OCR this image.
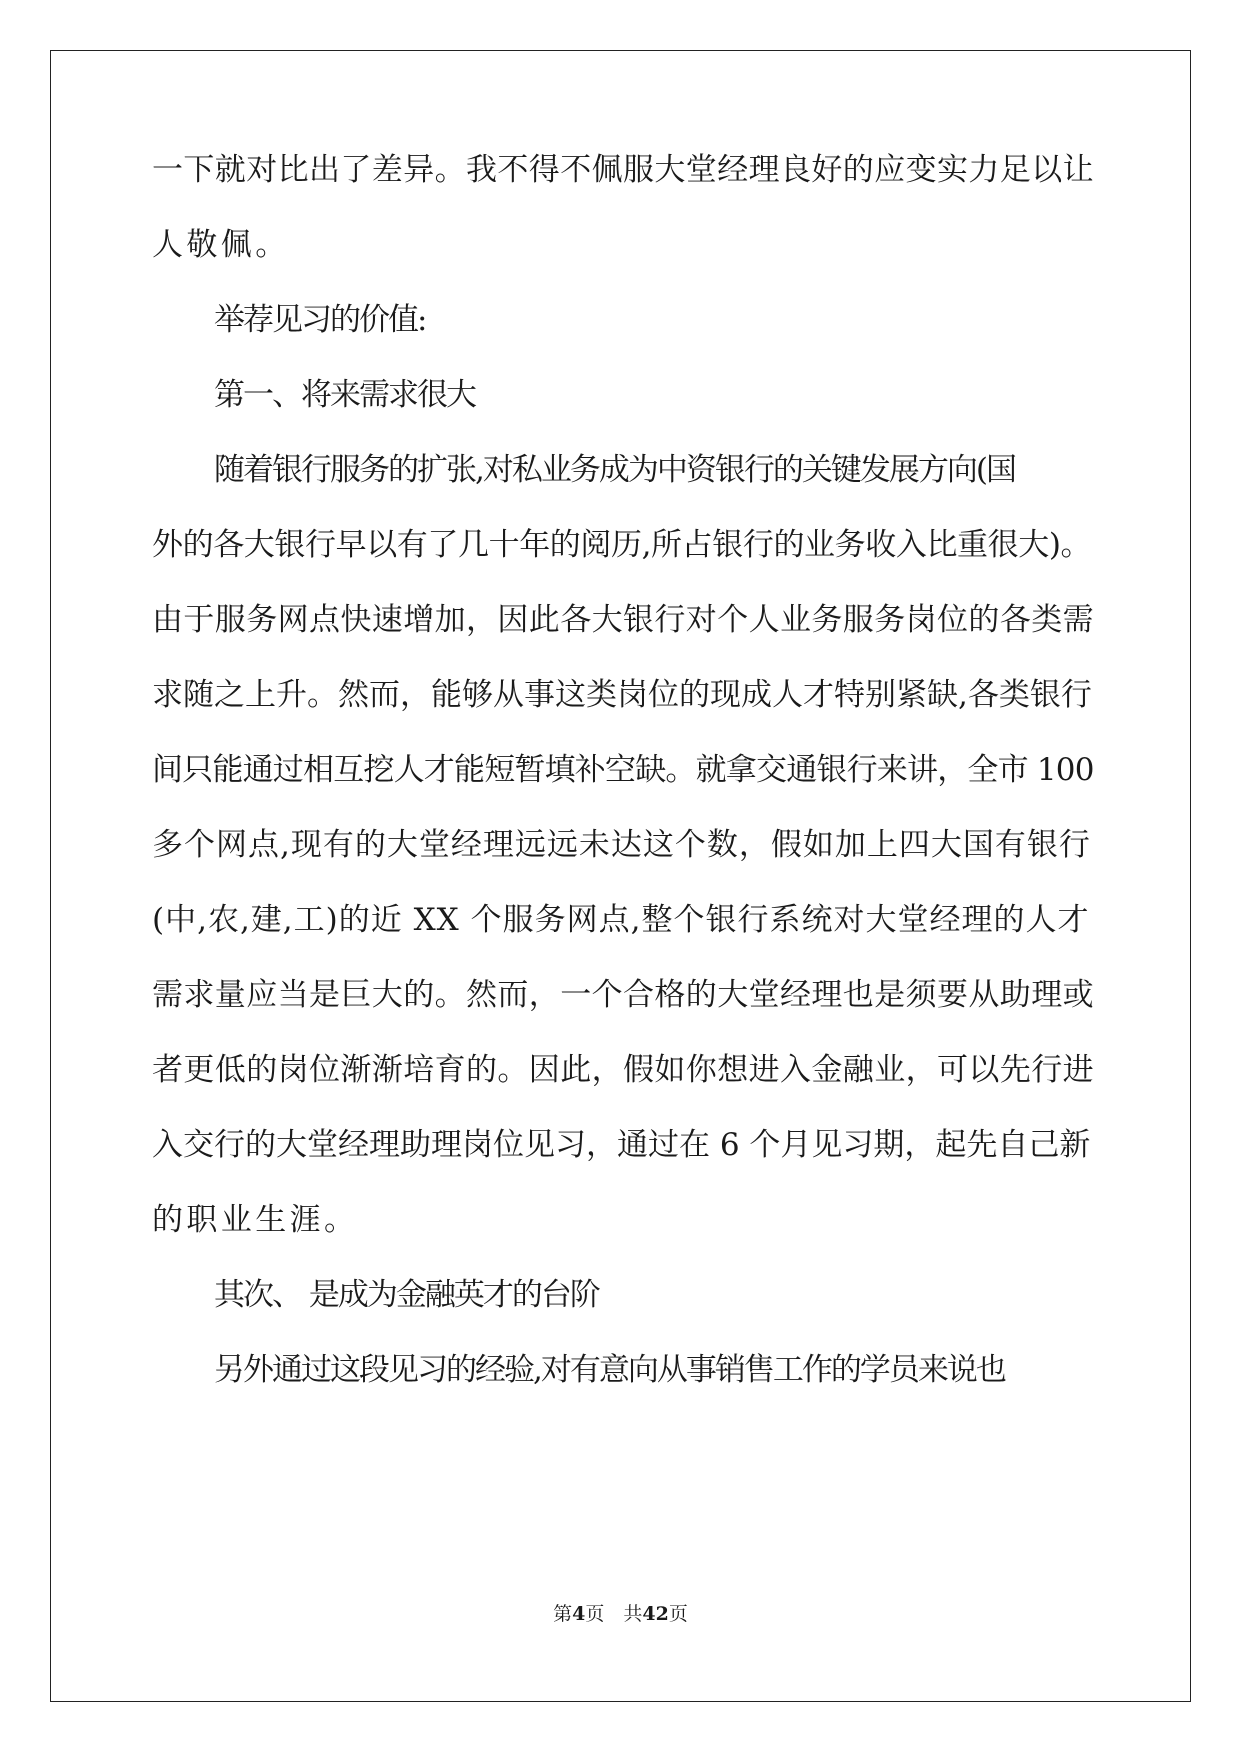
一下就对比出了差异。我不得不佩服大堂经理良好的应变实力足以让
人敬佩。
举荐见习的价值:
第一、将来需求很大
随着银行服务的扩张,对私业务成为中资银行的关键发展方向(国
外的各大银行早以有了几十年的阅历,所占银行的业务收入比重很大)。
由于服务网点快速增加，因此各大银行对个人业务服务岗位的各类需
求随之上升。然而，能够从事这类岗位的现成人才特别紧缺,各类银行
间只能通过相互挖人才能短暂填补空缺。就拿交通银行来讲，全市 100
多个网点,现有的大堂经理远远未达这个数，假如加上四大国有银行
(中,农,建,工)的近 XX 个服务网点,整个银行系统对大堂经理的人才
需求量应当是巨大的。然而，一个合格的大堂经理也是须要从助理或
者更低的岗位渐渐培育的。因此，假如你想进入金融业，可以先行进
入交行的大堂经理助理岗位见习，通过在 6 个月见习期，起先自己新
的职业生涯。
其次、 是成为金融英才的台阶
另外通过这段见习的经验,对有意向从事销售工作的学员来说也
第4页　共42页
